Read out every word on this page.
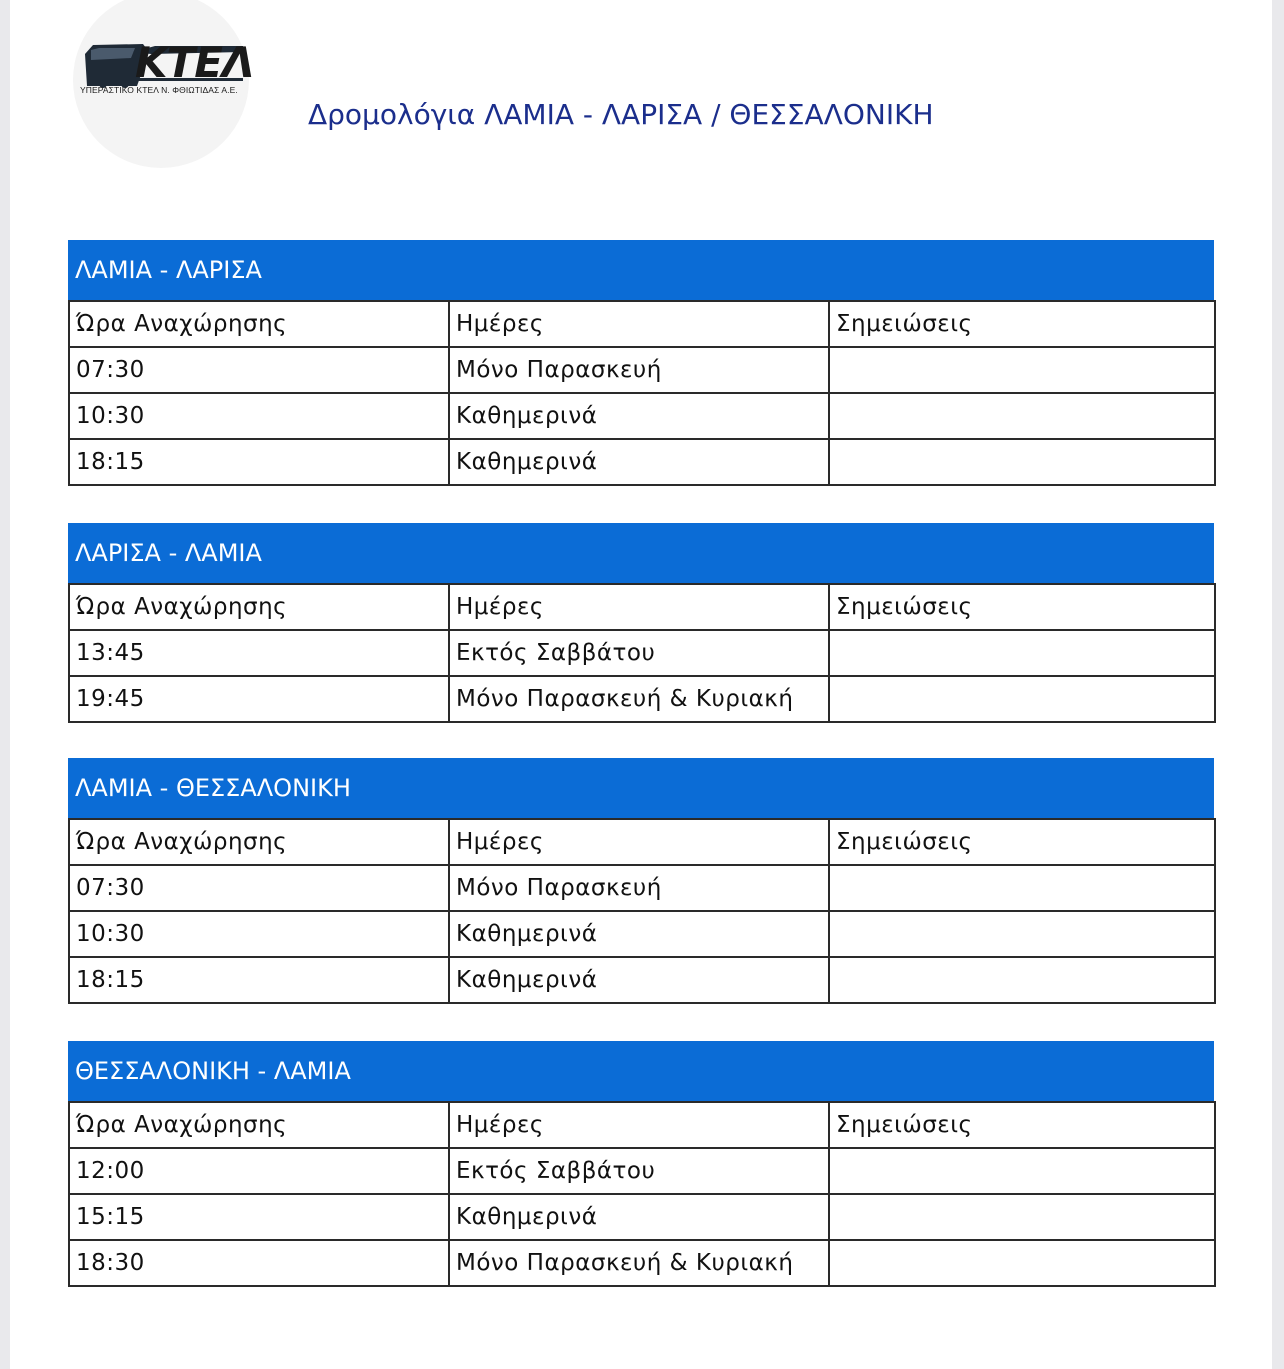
ΚΤΕΛ
ΥΠΕΡΑΣΤΙΚΟ ΚΤΕΛ Ν. ΦΘΙΩΤΙΔΑΣ Α.Ε.
Δρομολόγια ΛΑΜΙΑ - ΛΑΡΙΣΑ / ΘΕΣΣΑΛΟΝΙΚΗ
ΛΑΜΙΑ - ΛΑΡΙΣΑ
Ώρα Αναχώρησης	Ημέρες	Σημειώσεις
07:30	Μόνο Παρασκευή	
10:30	Καθημερινά	
18:15	Καθημερινά	
ΛΑΡΙΣΑ - ΛΑΜΙΑ
Ώρα Αναχώρησης	Ημέρες	Σημειώσεις
13:45	Εκτός Σαββάτου	
19:45	Μόνο Παρασκευή & Κυριακή	
ΛΑΜΙΑ - ΘΕΣΣΑΛΟΝΙΚΗ
Ώρα Αναχώρησης	Ημέρες	Σημειώσεις
07:30	Μόνο Παρασκευή	
10:30	Καθημερινά	
18:15	Καθημερινά	
ΘΕΣΣΑΛΟΝΙΚΗ - ΛΑΜΙΑ
Ώρα Αναχώρησης	Ημέρες	Σημειώσεις
12:00	Εκτός Σαββάτου	
15:15	Καθημερινά	
18:30	Μόνο Παρασκευή & Κυριακή	
